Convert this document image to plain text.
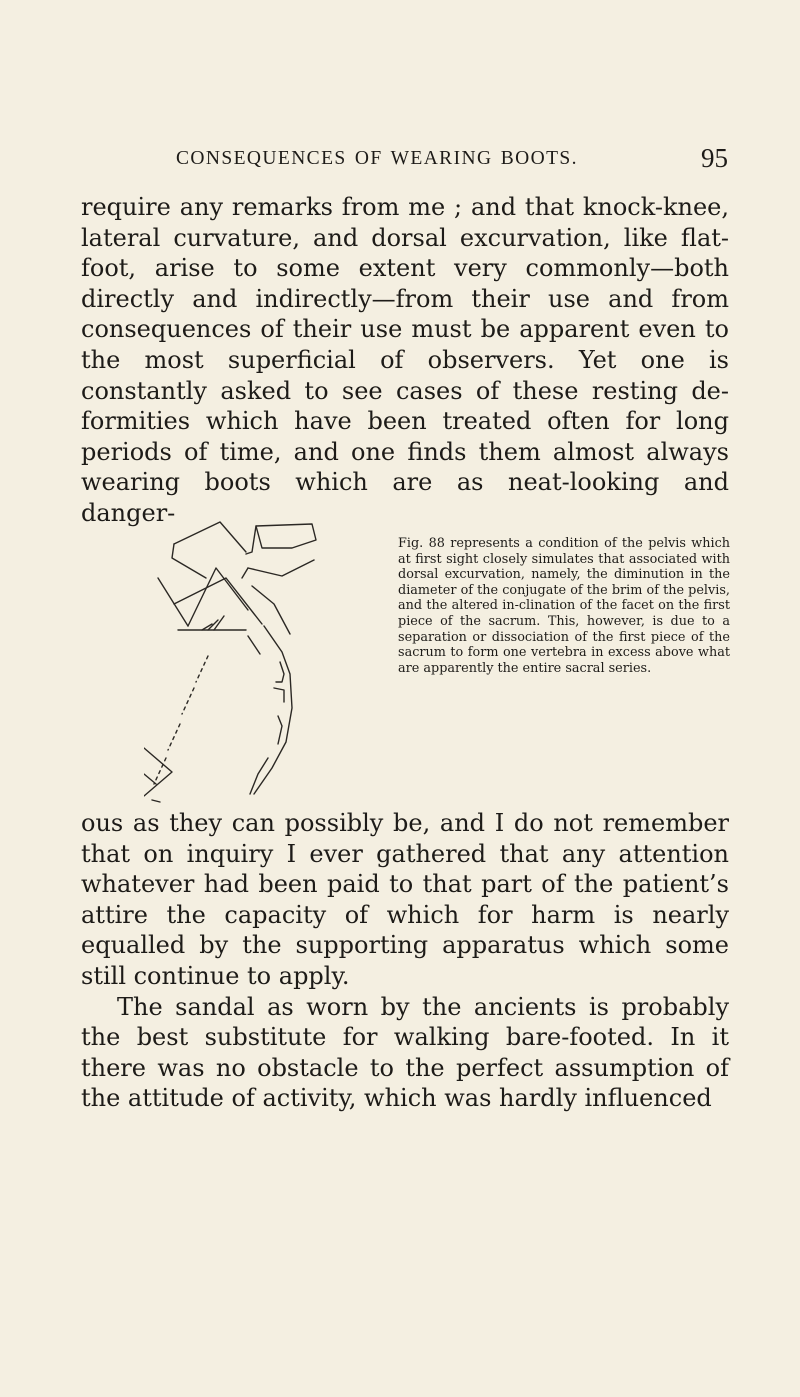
CONSEQUENCES OF WEARING BOOTS.	95

require any remarks from me ; and that knock-knee, lateral curvature, and dorsal excurvation, like flat-foot, arise to some extent very commonly—both directly and indirectly—from their use and from consequences of their use must be apparent even to the most superficial of observers. Yet one is constantly asked to see cases of these resting de-formities which have been treated often for long periods of time, and one finds them almost always wearing boots which are as neat-looking and danger-

Fig. 88 represents a condition of the pelvis which at first sight closely simulates that associated with dorsal excurvation, namely, the diminution in the diameter of the conjugate of the brim of the pelvis, and the altered in-clination of the facet on the first piece of the sacrum. This, however, is due to a separation or dissociation of the first piece of the sacrum to form one vertebra in excess above what are apparently the entire sacral series.

ous as they can possibly be, and I do not remember that on inquiry I ever gathered that any attention whatever had been paid to that part of the patient’s attire the capacity of which for harm is nearly equalled by the supporting apparatus which some still continue to apply.

The sandal as worn by the ancients is probably the best substitute for walking bare-footed. In it there was no obstacle to the perfect assumption of the attitude of activity, which was hardly influenced
